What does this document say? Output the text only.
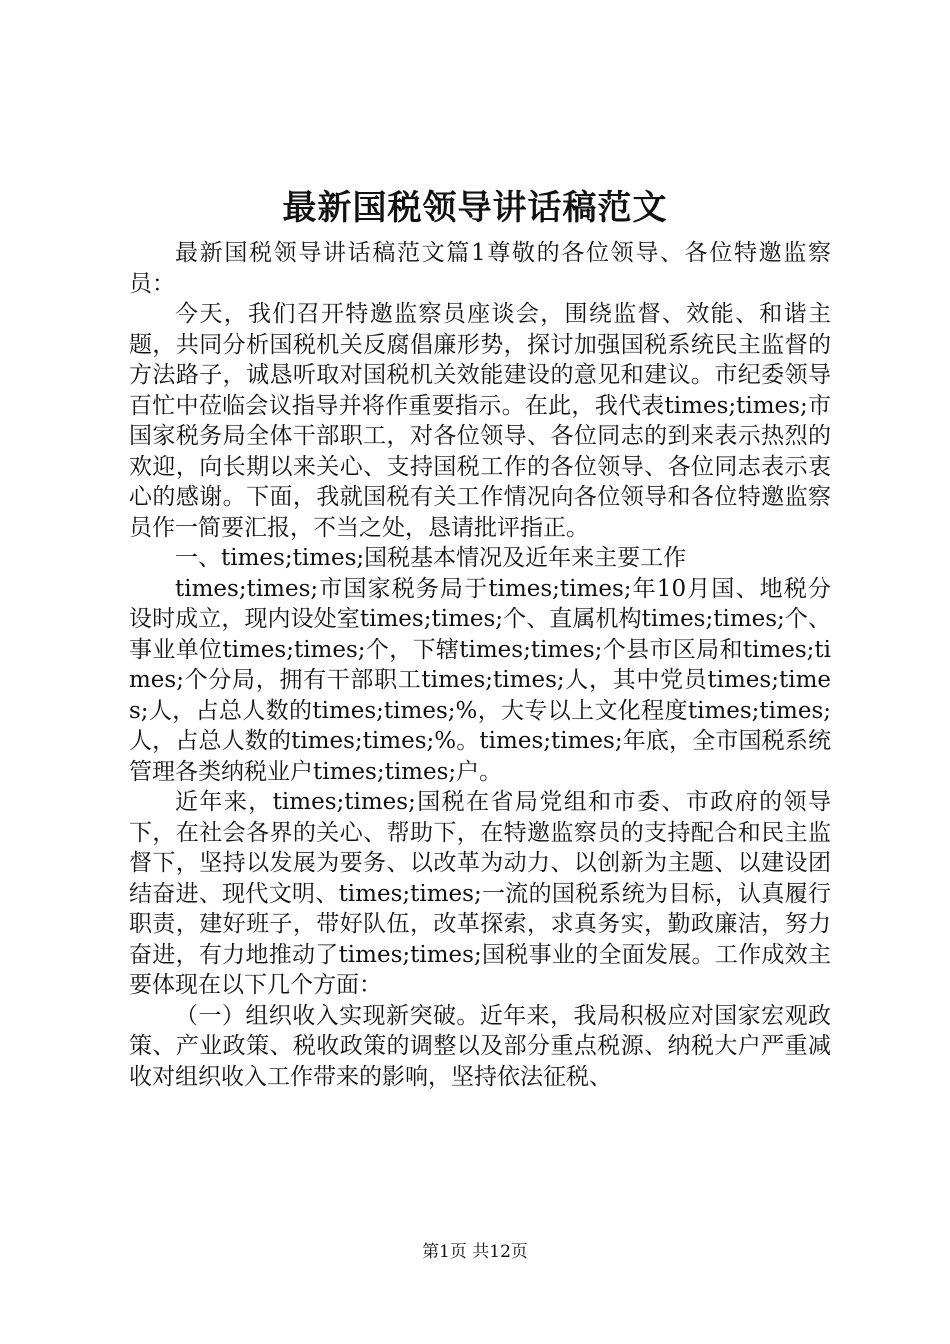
最新国税领导讲话稿范文

最新国税领导讲话稿范文篇1尊敬的各位领导、各位特邀监察员：

今天，我们召开特邀监察员座谈会，围绕监督、效能、和谐主题，共同分析国税机关反腐倡廉形势，探讨加强国税系统民主监督的方法路子，诚恳听取对国税机关效能建设的意见和建议。市纪委领导百忙中莅临会议指导并将作重要指示。在此，我代表times;times;市国家税务局全体干部职工，对各位领导、各位同志的到来表示热烈的欢迎，向长期以来关心、支持国税工作的各位领导、各位同志表示衷心的感谢。下面，我就国税有关工作情况向各位领导和各位特邀监察员作一简要汇报，不当之处，恳请批评指正。

一、times;times;国税基本情况及近年来主要工作

times;times;市国家税务局于times;times;年10月国、地税分设时成立，现内设处室times;times;个、直属机构times;times;个、事业单位times;times;个，下辖times;times;个县市区局和times;times;个分局，拥有干部职工times;times;人，其中党员times;times;人，占总人数的times;times;%，大专以上文化程度times;times;人，占总人数的times;times;%。times;times;年底，全市国税系统管理各类纳税业户times;times;户。

近年来，times;times;国税在省局党组和市委、市政府的领导下，在社会各界的关心、帮助下，在特邀监察员的支持配合和民主监督下，坚持以发展为要务、以改革为动力、以创新为主题、以建设团结奋进、现代文明、times;times;一流的国税系统为目标，认真履行职责，建好班子，带好队伍，改革探索，求真务实，勤政廉洁，努力奋进，有力地推动了times;times;国税事业的全面发展。工作成效主要体现在以下几个方面：

（一）组织收入实现新突破。近年来，我局积极应对国家宏观政策、产业政策、税收政策的调整以及部分重点税源、纳税大户严重减收对组织收入工作带来的影响，坚持依法征税、

第1页 共12页
